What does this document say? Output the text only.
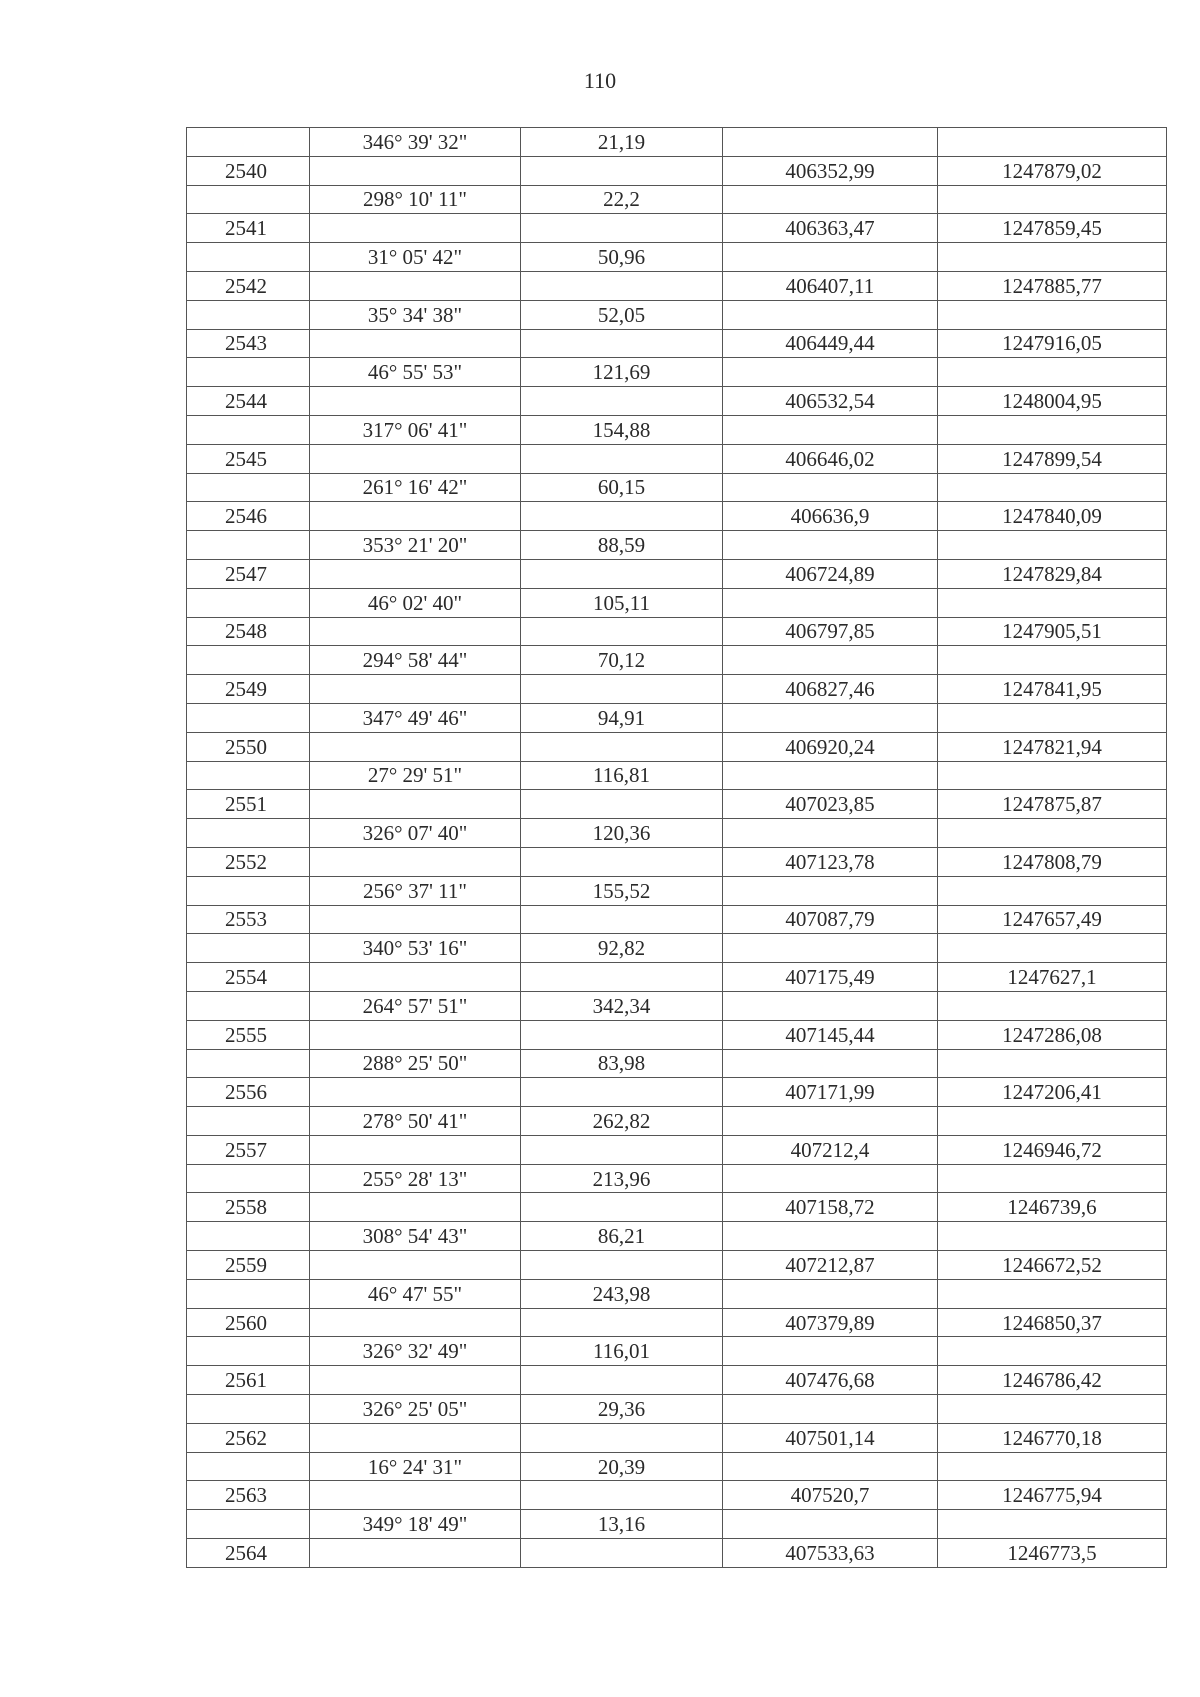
110
	346° 39' 32"	21,19		
2540			406352,99	1247879,02
	298° 10' 11"	22,2		
2541			406363,47	1247859,45
	31° 05' 42"	50,96		
2542			406407,11	1247885,77
	35° 34' 38"	52,05		
2543			406449,44	1247916,05
	46° 55' 53"	121,69		
2544			406532,54	1248004,95
	317° 06' 41"	154,88		
2545			406646,02	1247899,54
	261° 16' 42"	60,15		
2546			406636,9	1247840,09
	353° 21' 20"	88,59		
2547			406724,89	1247829,84
	46° 02' 40"	105,11		
2548			406797,85	1247905,51
	294° 58' 44"	70,12		
2549			406827,46	1247841,95
	347° 49' 46"	94,91		
2550			406920,24	1247821,94
	27° 29' 51"	116,81		
2551			407023,85	1247875,87
	326° 07' 40"	120,36		
2552			407123,78	1247808,79
	256° 37' 11"	155,52		
2553			407087,79	1247657,49
	340° 53' 16"	92,82		
2554			407175,49	1247627,1
	264° 57' 51"	342,34		
2555			407145,44	1247286,08
	288° 25' 50"	83,98		
2556			407171,99	1247206,41
	278° 50' 41"	262,82		
2557			407212,4	1246946,72
	255° 28' 13"	213,96		
2558			407158,72	1246739,6
	308° 54' 43"	86,21		
2559			407212,87	1246672,52
	46° 47' 55"	243,98		
2560			407379,89	1246850,37
	326° 32' 49"	116,01		
2561			407476,68	1246786,42
	326° 25' 05"	29,36		
2562			407501,14	1246770,18
	16° 24' 31"	20,39		
2563			407520,7	1246775,94
	349° 18' 49"	13,16		
2564			407533,63	1246773,5
